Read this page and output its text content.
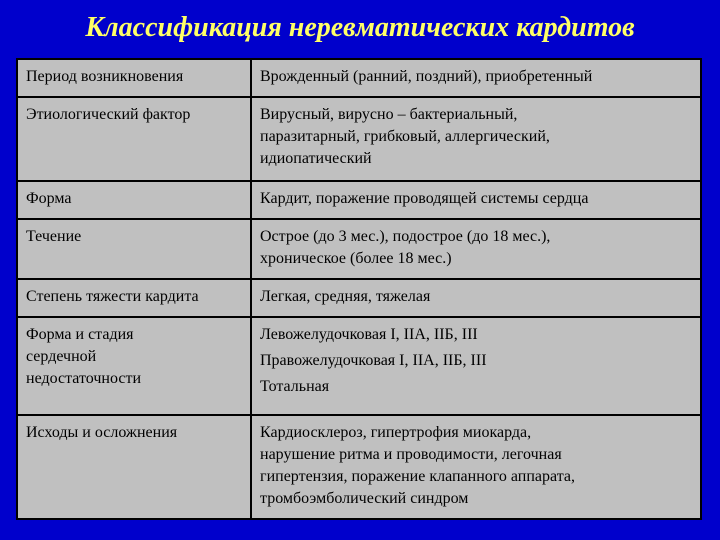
Классификация неревматических кардитов
Период возникновения	Врожденный (ранний, поздний), приобретенный

Этиологический фактор	Вирусный, вирусно – бактериальный,
паразитарный, грибковый, аллергический,
идиопатический

Форма	Кардит, поражение проводящей системы сердца

Течение	Острое (до 3 мес.), подострое (до 18 мес.),
хроническое (более 18 мес.)

Степень тяжести кардита	Легкая, средняя, тяжелая

Форма и стадия
сердечной
недостаточности	Левожелудочковая I, IIА, IIБ, III
Правожелудочковая I, IIА, IIБ, III
Тотальная

Исходы и осложнения	Кардиосклероз, гипертрофия миокарда,
нарушение ритма и проводимости, легочная
гипертензия, поражение клапанного аппарата,
тромбоэмболический синдром
